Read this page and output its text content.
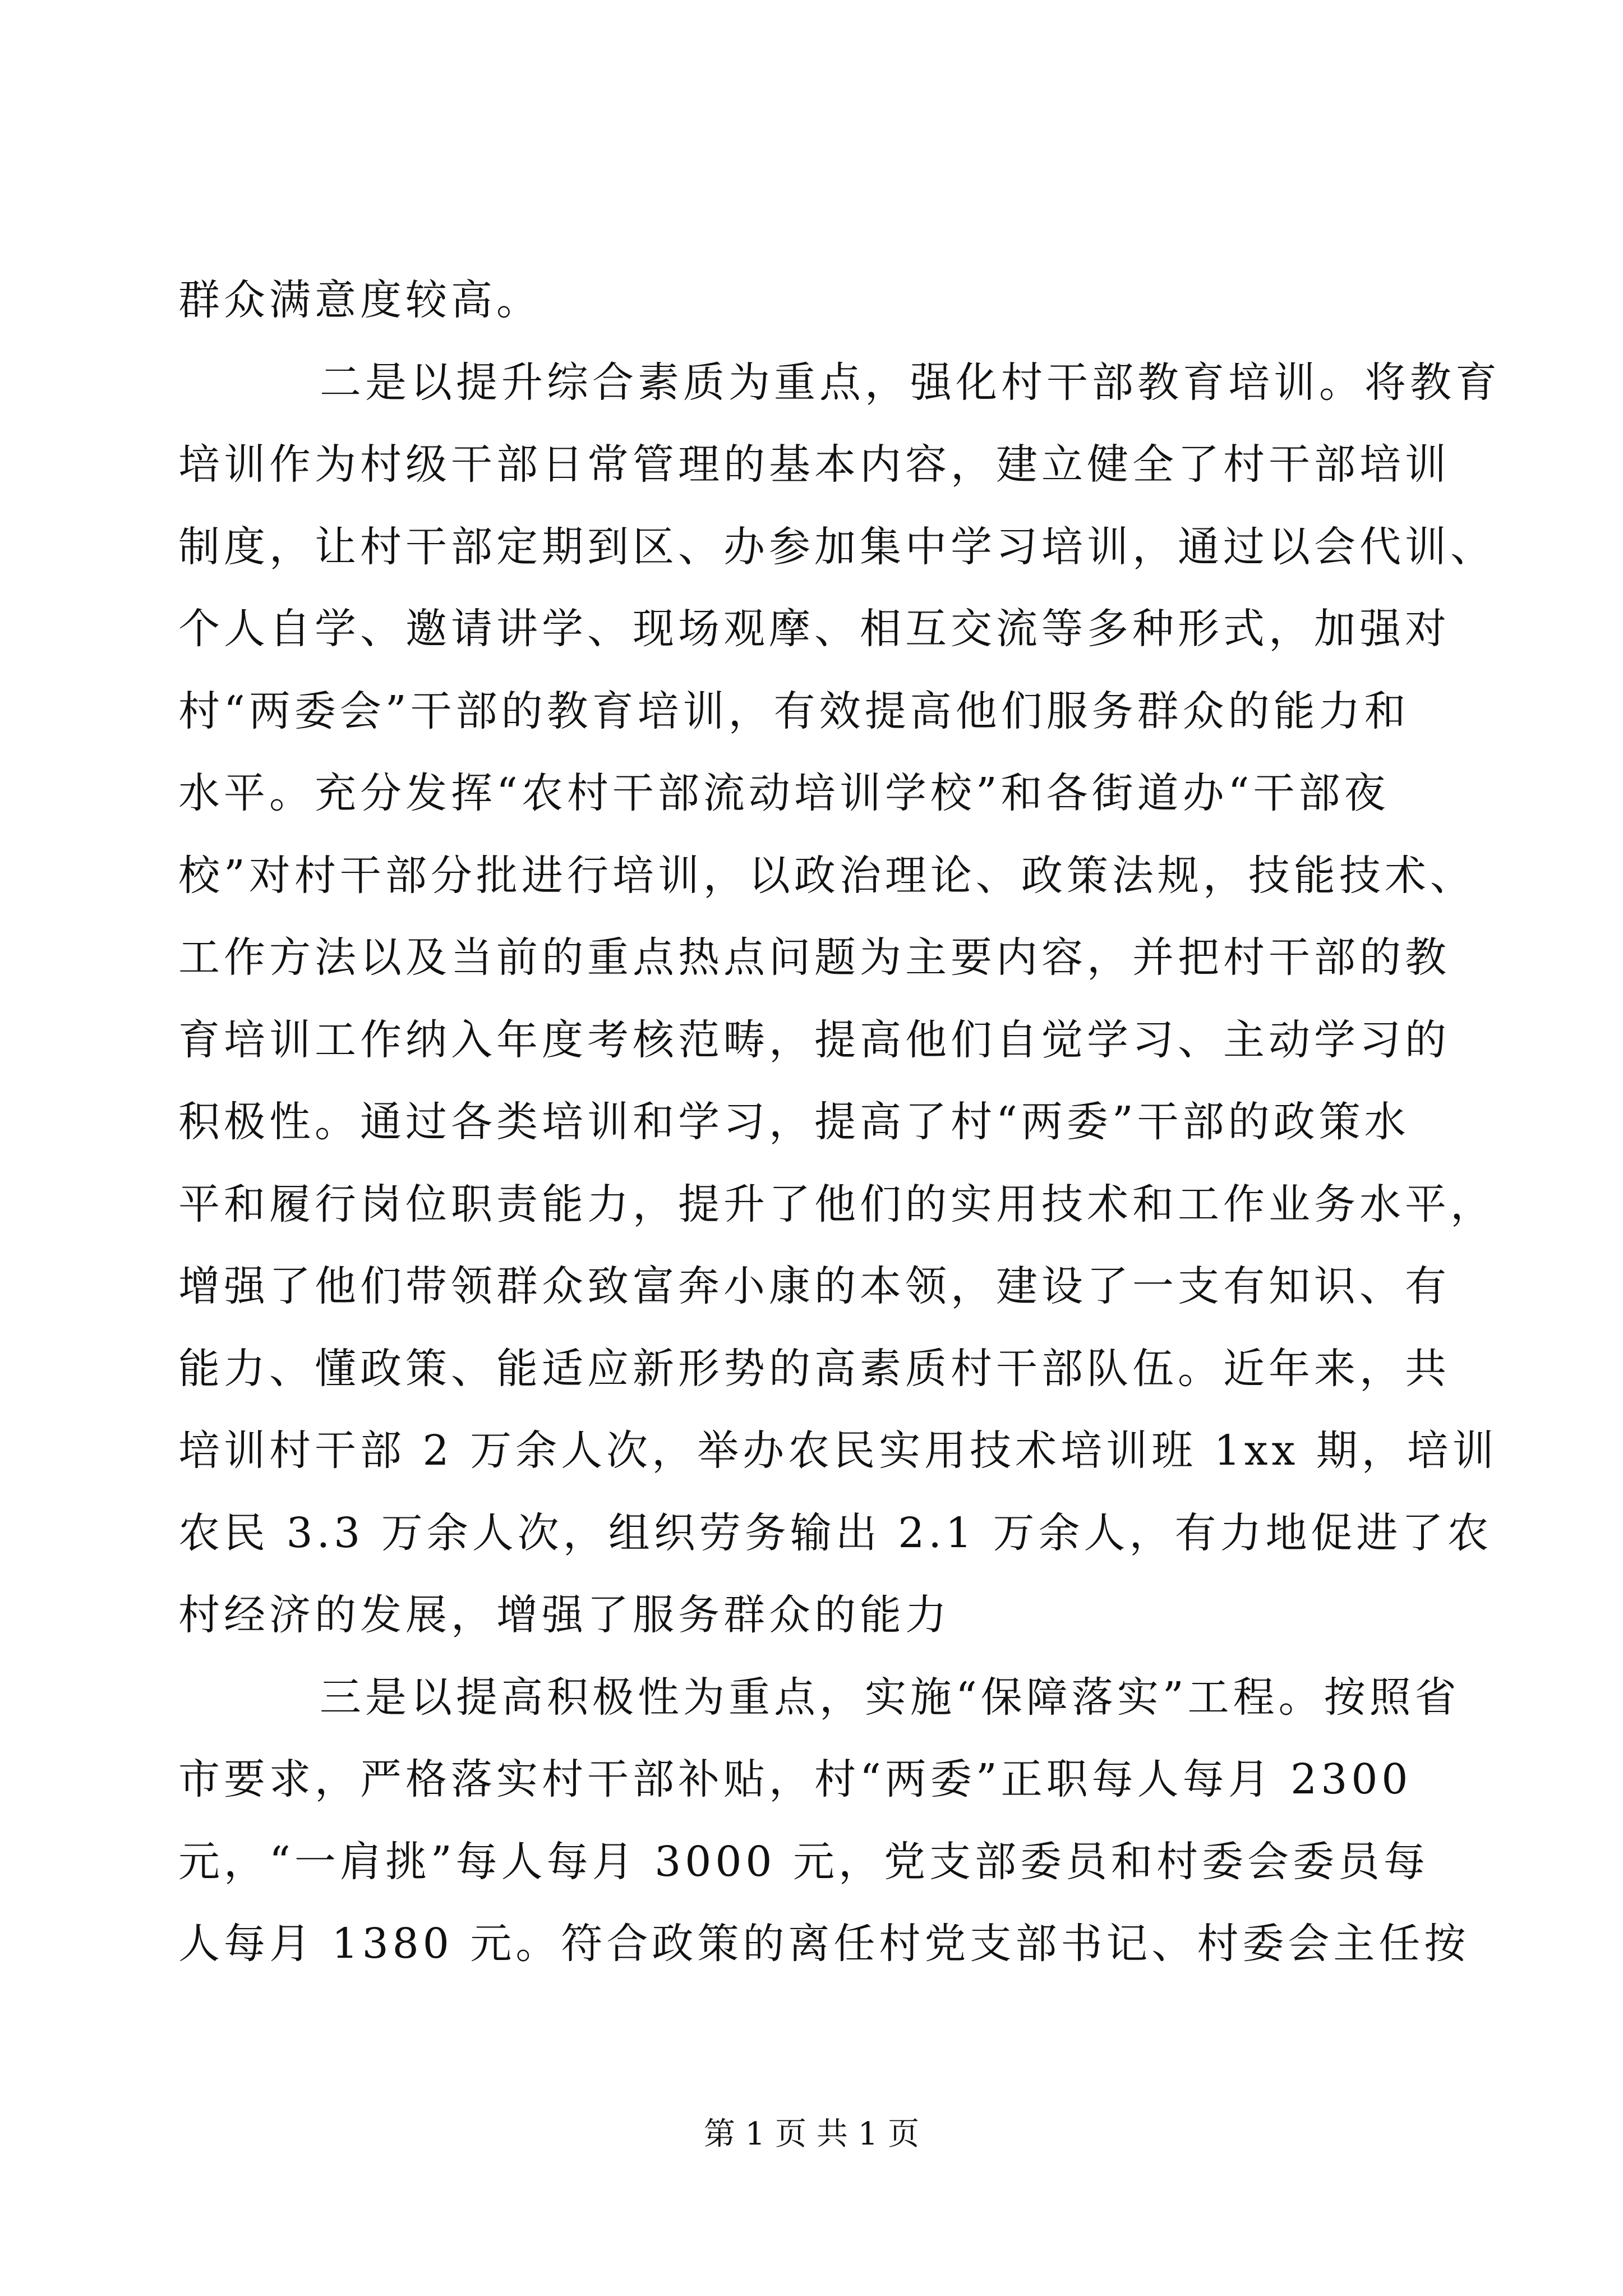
群众满意度较高。
二是以提升综合素质为重点，强化村干部教育培训。将教育
培训作为村级干部日常管理的基本内容，建立健全了村干部培训
制度，让村干部定期到区、办参加集中学习培训，通过以会代训、
个人自学、邀请讲学、现场观摩、相互交流等多种形式，加强对
村“两委会”干部的教育培训，有效提高他们服务群众的能力和
水平。充分发挥“农村干部流动培训学校”和各街道办“干部夜
校”对村干部分批进行培训，以政治理论、政策法规，技能技术、
工作方法以及当前的重点热点问题为主要内容，并把村干部的教
育培训工作纳入年度考核范畴，提高他们自觉学习、主动学习的
积极性。通过各类培训和学习，提高了村“两委”干部的政策水
平和履行岗位职责能力，提升了他们的实用技术和工作业务水平，
增强了他们带领群众致富奔小康的本领，建设了一支有知识、有
能力、懂政策、能适应新形势的高素质村干部队伍。近年来，共
培训村干部 2 万余人次，举办农民实用技术培训班 1xx 期，培训
农民 3.3 万余人次，组织劳务输出 2.1 万余人，有力地促进了农
村经济的发展，增强了服务群众的能力
三是以提高积极性为重点，实施“保障落实”工程。按照省
市要求，严格落实村干部补贴，村“两委”正职每人每月 2300
元，“一肩挑”每人每月 3000 元，党支部委员和村委会委员每
人每月 1380 元。符合政策的离任村党支部书记、村委会主任按
第 1 页 共 1 页
